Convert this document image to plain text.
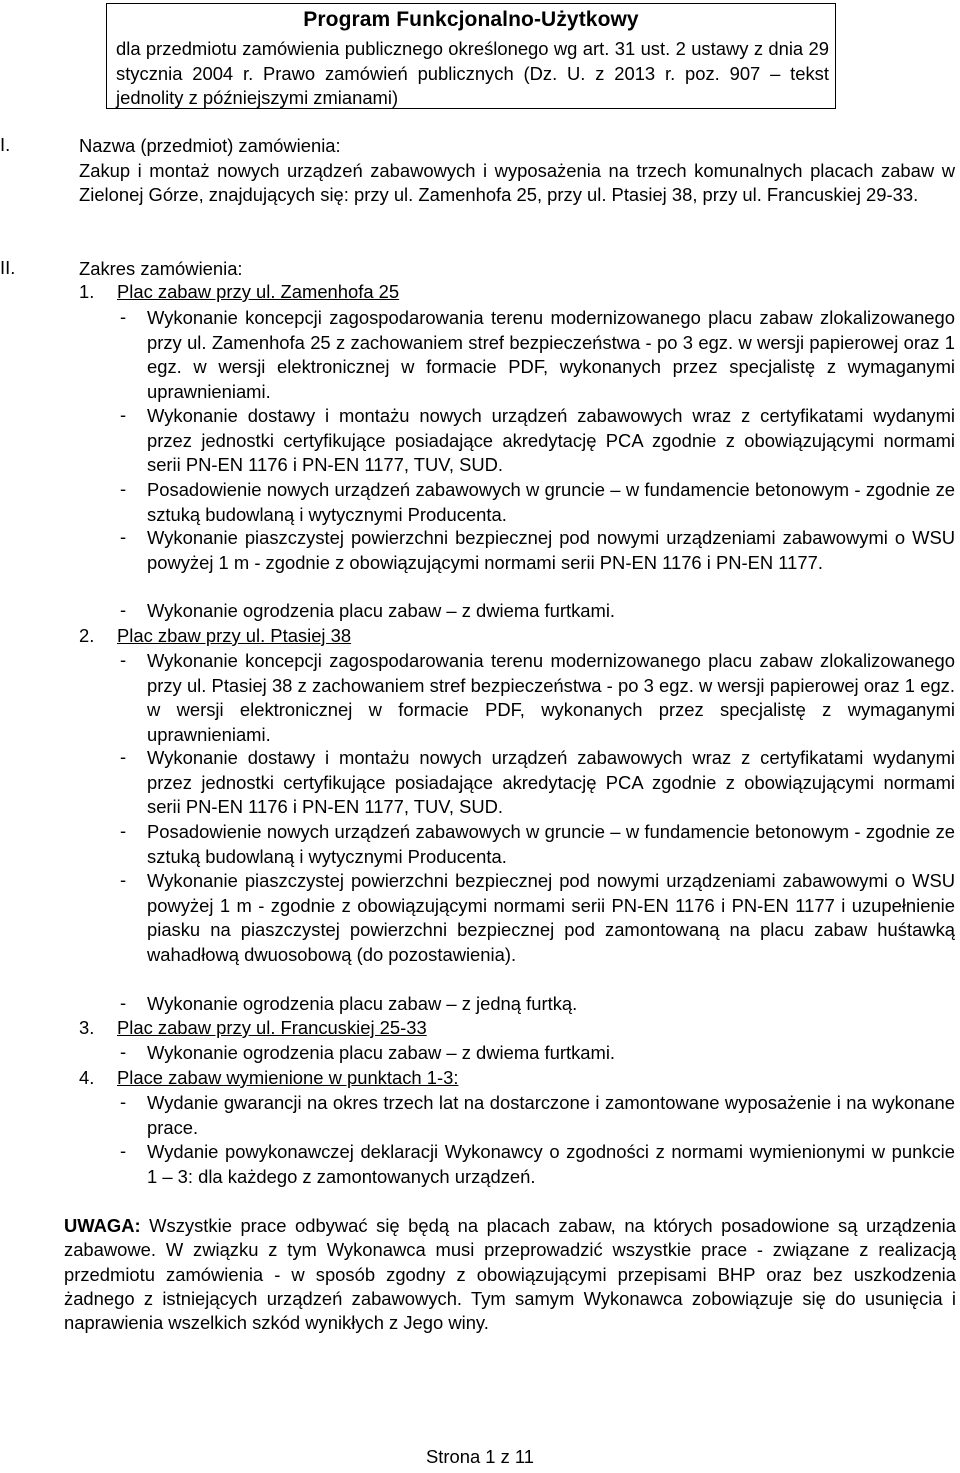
Program Funkcjonalno-Użytkowy
dla przedmiotu zamówienia publicznego określonego wg art. 31 ust. 2 ustawy z dnia 29 stycznia 2004 r. Prawo zamówień publicznych (Dz. U. z 2013 r. poz. 907 – tekst jednolity z późniejszymi zmianami)
I.	Nazwa (przedmiot) zamówienia:
Zakup i montaż nowych urządzeń zabawowych i wyposażenia na trzech komunalnych placach zabaw w Zielonej Górze, znajdujących się: przy ul. Zamenhofa 25, przy ul. Ptasiej 38, przy ul. Francuskiej 29-33.
II.	Zakres zamówienia:
1. Plac zabaw przy ul. Zamenhofa 25
- Wykonanie koncepcji zagospodarowania terenu modernizowanego placu zabaw zlokalizowanego przy ul. Zamenhofa 25 z zachowaniem stref bezpieczeństwa - po 3 egz. w wersji papierowej oraz 1 egz. w wersji elektronicznej w formacie PDF, wykonanych przez specjalistę z wymaganymi uprawnieniami.
- Wykonanie dostawy i montażu nowych urządzeń zabawowych wraz z certyfikatami wydanymi przez jednostki certyfikujące posiadające akredytację PCA zgodnie z obowiązującymi normami serii PN-EN 1176 i PN-EN 1177, TUV, SUD.
- Posadowienie nowych urządzeń zabawowych w gruncie – w fundamencie betonowym - zgodnie ze sztuką budowlaną i wytycznymi Producenta.
- Wykonanie piaszczystej powierzchni bezpiecznej pod nowymi urządzeniami zabawowymi o WSU powyżej 1 m - zgodnie z obowiązującymi normami serii PN-EN 1176 i PN-EN 1177.
- Wykonanie ogrodzenia placu zabaw – z dwiema furtkami.
2. Plac zbaw przy ul. Ptasiej 38
- Wykonanie koncepcji zagospodarowania terenu modernizowanego placu zabaw zlokalizowanego przy ul. Ptasiej 38 z zachowaniem stref bezpieczeństwa - po 3 egz. w wersji papierowej oraz 1 egz. w wersji elektronicznej w formacie PDF, wykonanych przez specjalistę z wymaganymi uprawnieniami.
- Wykonanie dostawy i montażu nowych urządzeń zabawowych wraz z certyfikatami wydanymi przez jednostki certyfikujące posiadające akredytację PCA zgodnie z obowiązującymi normami serii PN-EN 1176 i PN-EN 1177, TUV, SUD.
- Posadowienie nowych urządzeń zabawowych w gruncie – w fundamencie betonowym - zgodnie ze sztuką budowlaną i wytycznymi Producenta.
- Wykonanie piaszczystej powierzchni bezpiecznej pod nowymi urządzeniami zabawowymi o WSU powyżej 1 m - zgodnie z obowiązującymi normami serii PN-EN 1176 i PN-EN 1177 i uzupełnienie piasku na piaszczystej powierzchni bezpiecznej pod zamontowaną na placu zabaw huśtawką wahadłową dwuosobową (do pozostawienia).
- Wykonanie ogrodzenia placu zabaw – z jedną furtką.
3. Plac zabaw przy ul. Francuskiej 25-33
- Wykonanie ogrodzenia placu zabaw – z dwiema furtkami.
4. Place zabaw wymienione w punktach 1-3:
- Wydanie gwarancji na okres trzech lat na dostarczone i zamontowane wyposażenie i na wykonane prace.
- Wydanie powykonawczej deklaracji Wykonawcy o zgodności z normami wymienionymi w punkcie 1 – 3: dla każdego z zamontowanych urządzeń.
UWAGA: Wszystkie prace odbywać się będą na placach zabaw, na których posadowione są urządzenia zabawowe. W związku z tym Wykonawca musi przeprowadzić wszystkie prace - związane z realizacją przedmiotu zamówienia - w sposób zgodny z obowiązującymi przepisami BHP oraz bez uszkodzenia żadnego z istniejących urządzeń zabawowych. Tym samym Wykonawca zobowiązuje się do usunięcia i naprawienia wszelkich szkód wynikłych z Jego winy.
Strona 1 z 11
